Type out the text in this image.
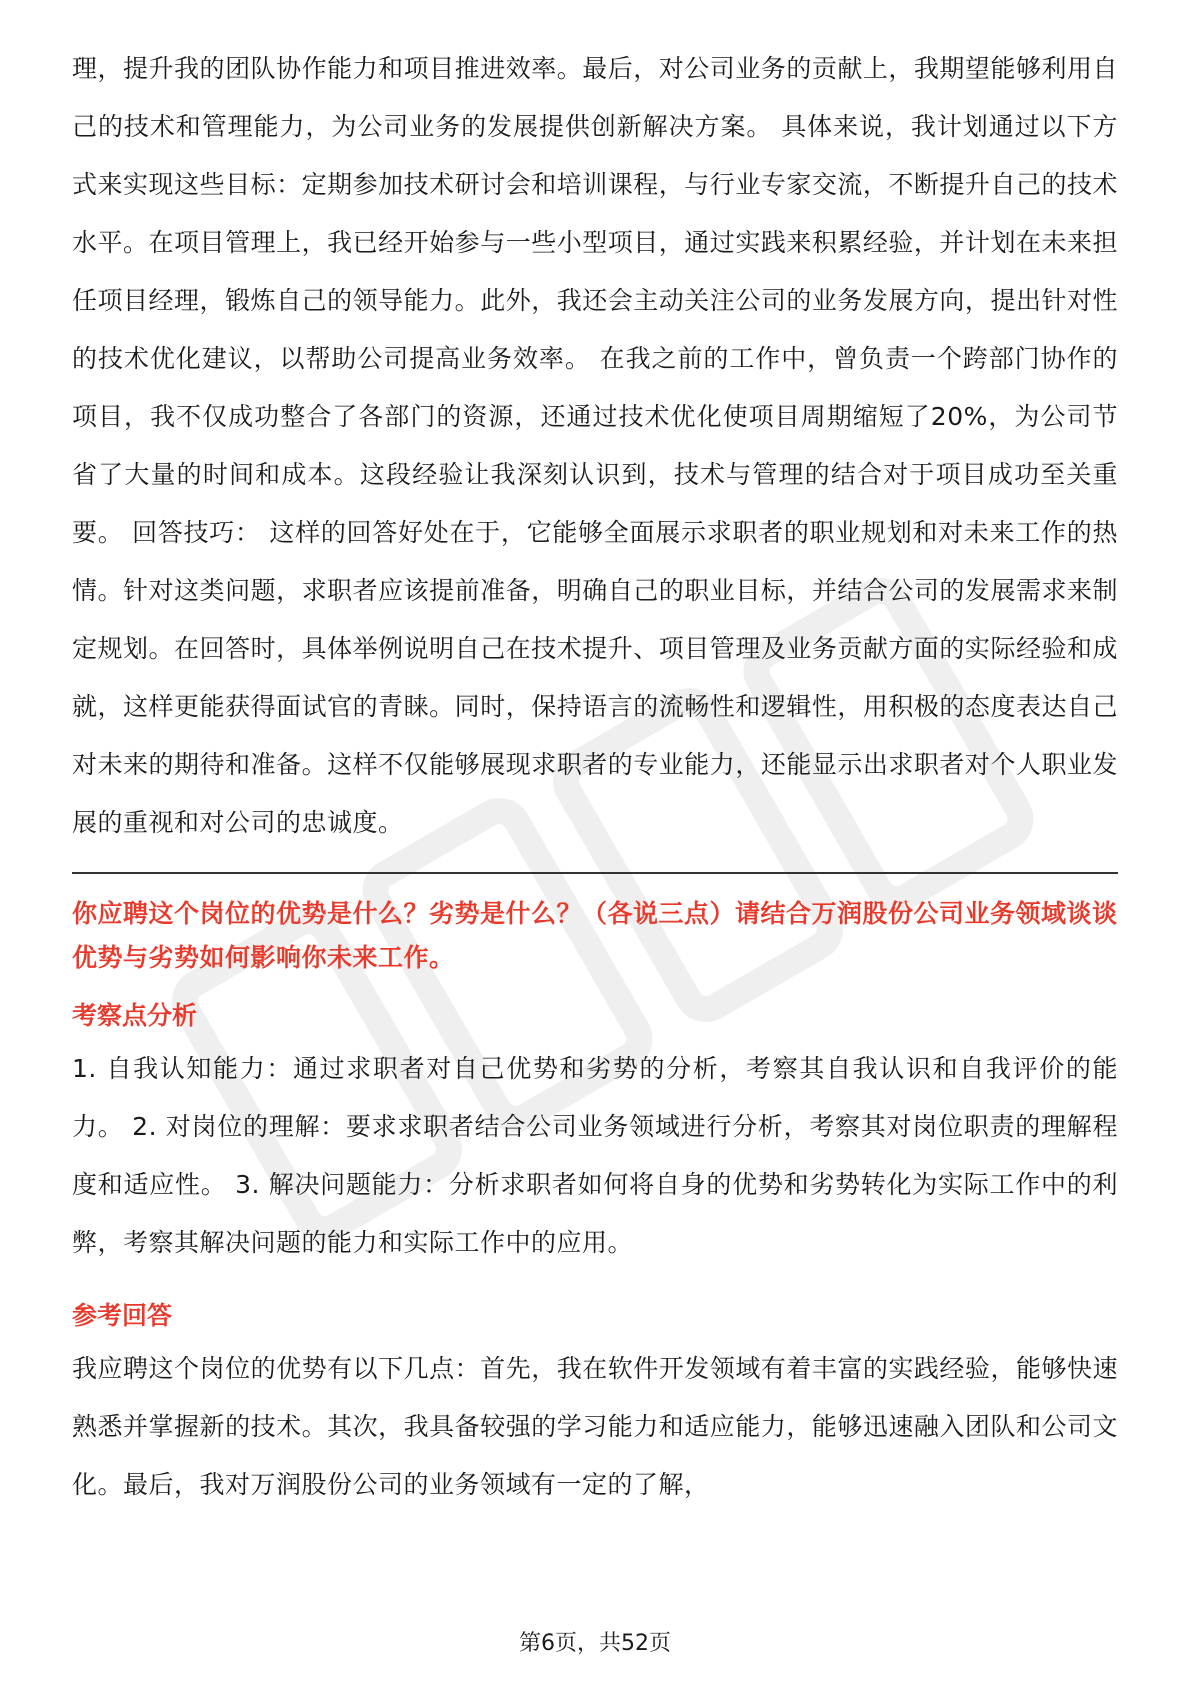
理，提升我的团队协作能力和项目推进效率。最后，对公司业务的贡献上，我期望能够利用自己的技术和管理能力，为公司业务的发展提供创新解决方案。 具体来说，我计划通过以下方式来实现这些目标：定期参加技术研讨会和培训课程，与行业专家交流，不断提升自己的技术水平。在项目管理上，我已经开始参与一些小型项目，通过实践来积累经验，并计划在未来担任项目经理，锻炼自己的领导能力。此外，我还会主动关注公司的业务发展方向，提出针对性的技术优化建议，以帮助公司提高业务效率。 在我之前的工作中，曾负责一个跨部门协作的项目，我不仅成功整合了各部门的资源，还通过技术优化使项目周期缩短了20%，为公司节省了大量的时间和成本。这段经验让我深刻认识到，技术与管理的结合对于项目成功至关重要。 回答技巧： 这样的回答好处在于，它能够全面展示求职者的职业规划和对未来工作的热情。针对这类问题，求职者应该提前准备，明确自己的职业目标，并结合公司的发展需求来制定规划。在回答时，具体举例说明自己在技术提升、项目管理及业务贡献方面的实际经验和成就，这样更能获得面试官的青睐。同时，保持语言的流畅性和逻辑性，用积极的态度表达自己对未来的期待和准备。这样不仅能够展现求职者的专业能力，还能显示出求职者对个人职业发展的重视和对公司的忠诚度。

你应聘这个岗位的优势是什么？劣势是什么？（各说三点）请结合万润股份公司业务领域谈谈优势与劣势如何影响你未来工作。

考察点分析

1. 自我认知能力：通过求职者对自己优势和劣势的分析，考察其自我认识和自我评价的能力。 2. 对岗位的理解：要求求职者结合公司业务领域进行分析，考察其对岗位职责的理解程度和适应性。 3. 解决问题能力：分析求职者如何将自身的优势和劣势转化为实际工作中的利弊，考察其解决问题的能力和实际工作中的应用。

参考回答

我应聘这个岗位的优势有以下几点：首先，我在软件开发领域有着丰富的实践经验，能够快速熟悉并掌握新的技术。其次，我具备较强的学习能力和适应能力，能够迅速融入团队和公司文化。最后，我对万润股份公司的业务领域有一定的了解，

第6页，共52页
